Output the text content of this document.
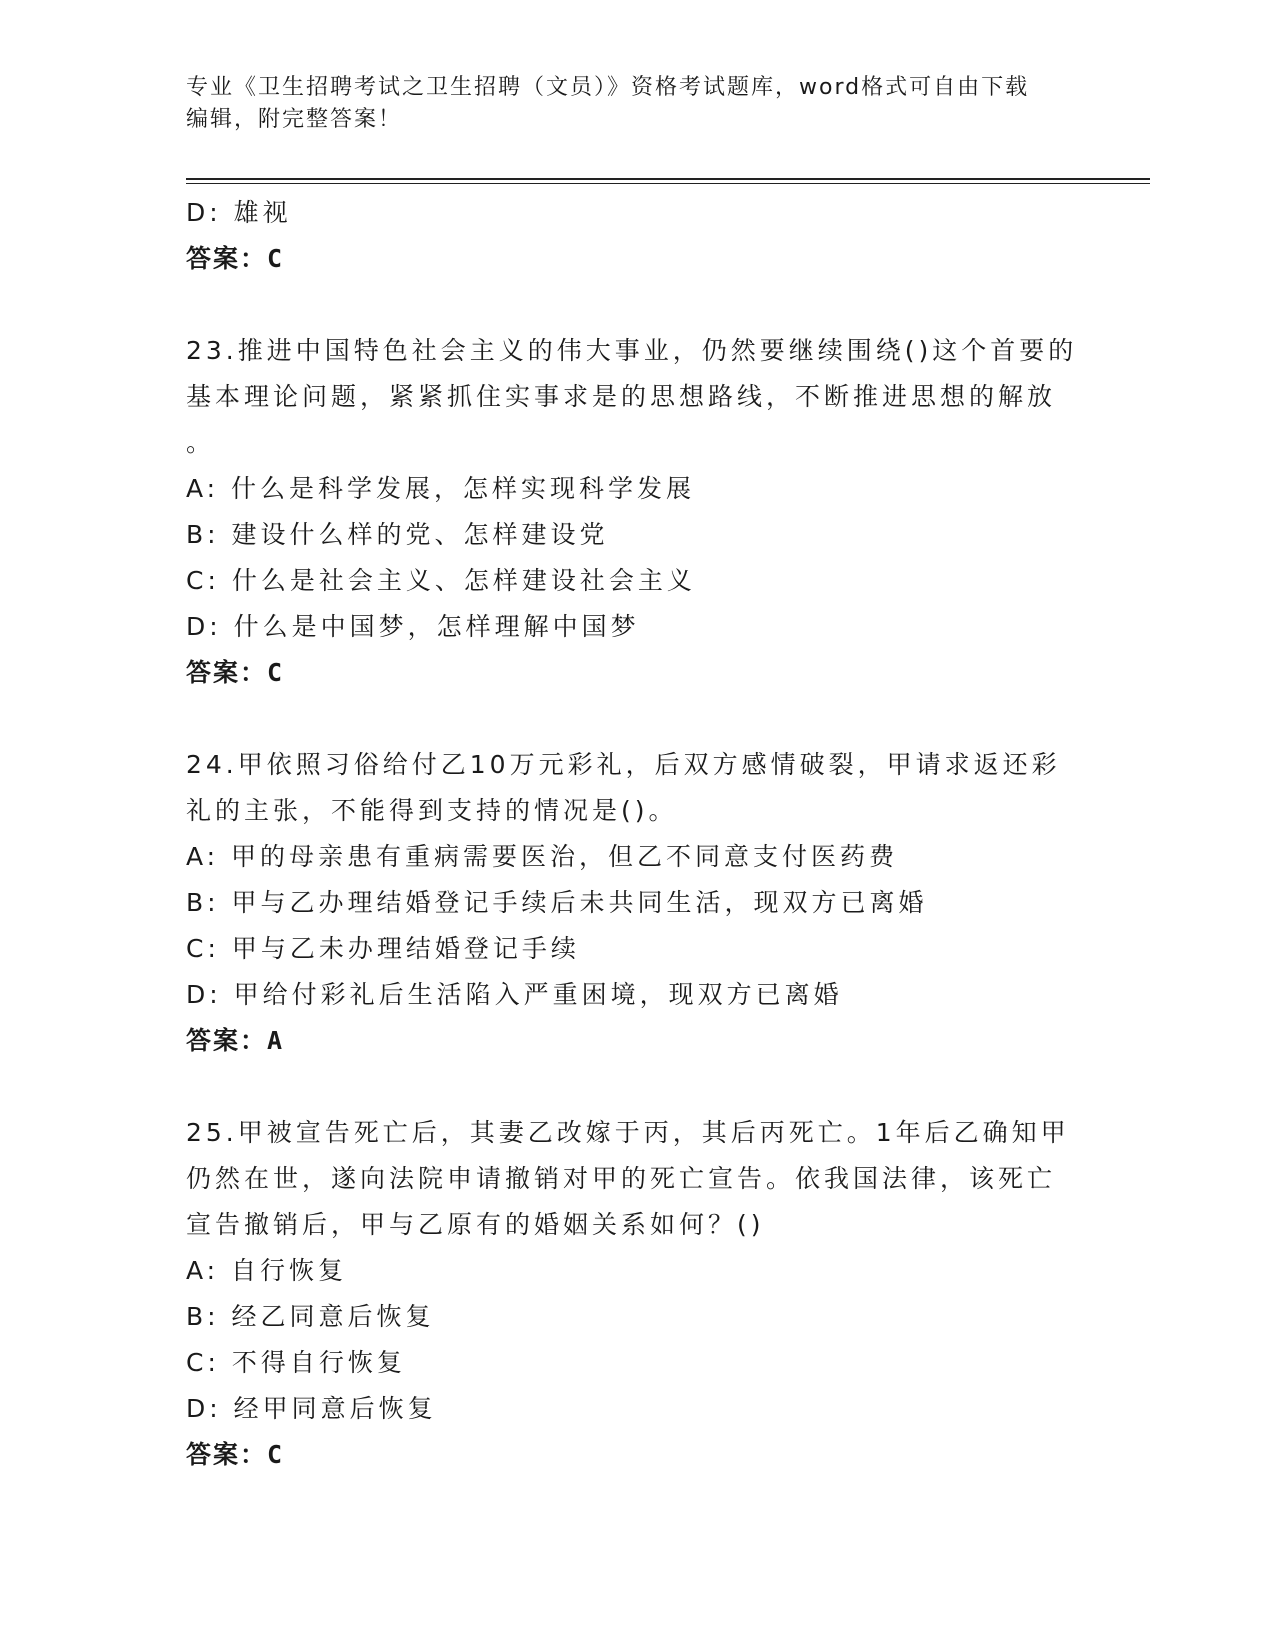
专业《卫生招聘考试之卫生招聘（文员）》资格考试题库，word格式可自由下载
编辑，附完整答案！
D: 雄视
答案：C
23.推进中国特色社会主义的伟大事业，仍然要继续围绕()这个首要的
基本理论问题，紧紧抓住实事求是的思想路线，不断推进思想的解放
。
A: 什么是科学发展，怎样实现科学发展
B: 建设什么样的党、怎样建设党
C: 什么是社会主义、怎样建设社会主义
D: 什么是中国梦，怎样理解中国梦
答案：C
24.甲依照习俗给付乙10万元彩礼，后双方感情破裂，甲请求返还彩
礼的主张，不能得到支持的情况是()。
A: 甲的母亲患有重病需要医治，但乙不同意支付医药费
B: 甲与乙办理结婚登记手续后未共同生活，现双方已离婚
C: 甲与乙未办理结婚登记手续
D: 甲给付彩礼后生活陷入严重困境，现双方已离婚
答案：A
25.甲被宣告死亡后，其妻乙改嫁于丙，其后丙死亡。1年后乙确知甲
仍然在世，遂向法院申请撤销对甲的死亡宣告。依我国法律，该死亡
宣告撤销后，甲与乙原有的婚姻关系如何？()
A: 自行恢复
B: 经乙同意后恢复
C: 不得自行恢复
D: 经甲同意后恢复
答案：C
